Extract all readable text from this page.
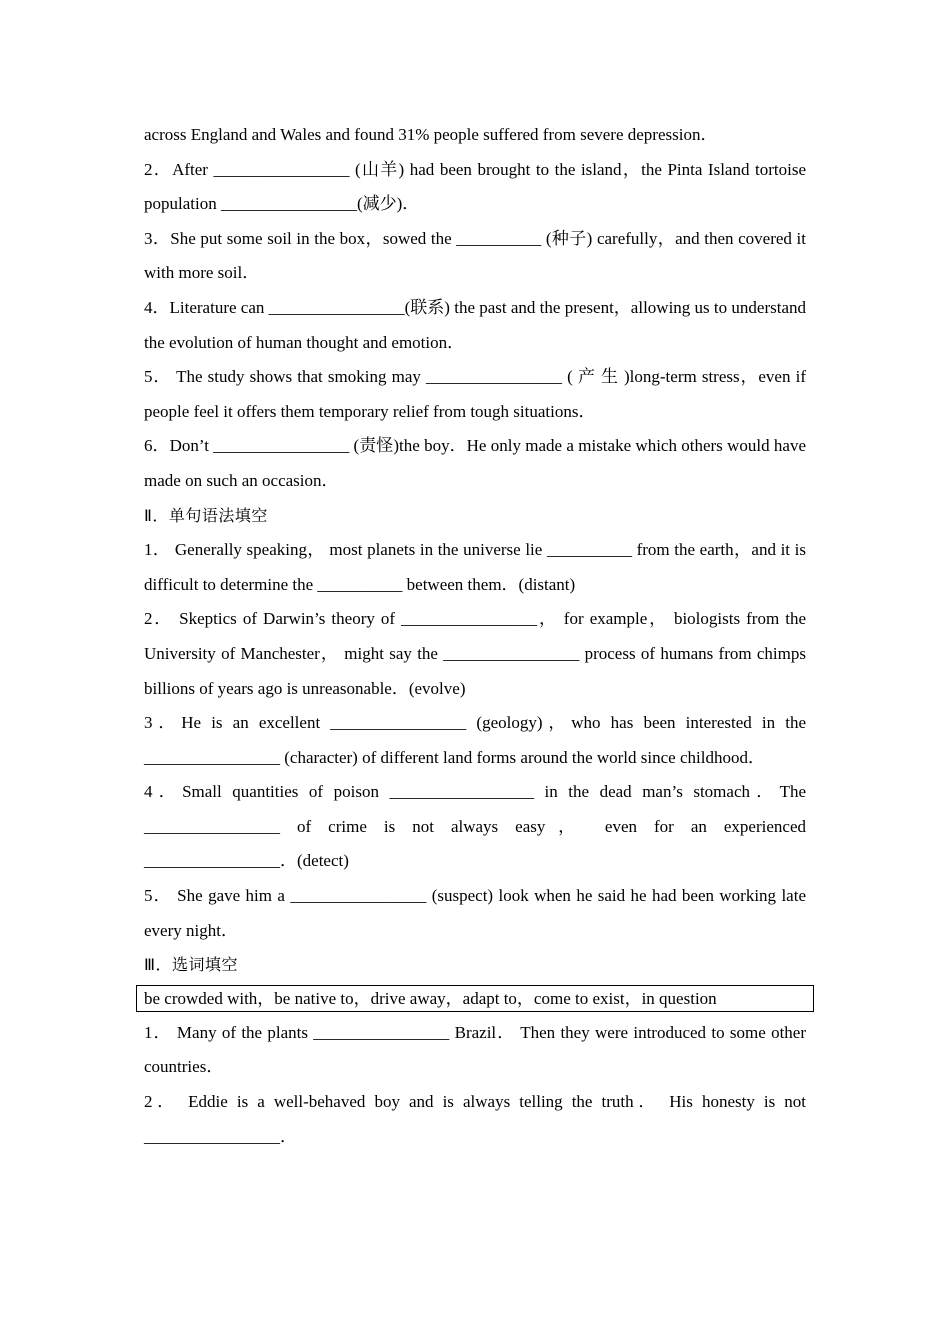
across England and Wales and found 31% people suffered from severe depression．

2．After ________________ (山羊) had been brought to the island，the Pinta Island tortoise population ________________(减少)．

3．She put some soil in the box，sowed the __________ (种子) carefully，and then covered it with more soil．

4．Literature can ________________(联系) the past and the present，allowing us to understand the evolution of human thought and emotion．

5． The study shows that smoking may ________________ ( 产 生 )long-term stress，even if people feel it offers them temporary relief from tough situations．

6．Don’t ________________ (责怪)the boy．He only made a mistake which others would have made on such an occasion．

Ⅱ．单句语法填空

1． Generally speaking， most planets in the universe lie __________ from the earth，and it is difficult to determine the __________ between them．(distant)

2． Skeptics of Darwin’s theory of ________________， for example， biologists from the University of Manchester， might say the ________________ process of humans from chimps billions of years ago is unreasonable．(evolve)

3．He is an excellent ________________ (geology)，who has been interested in the ________________ (character) of different land forms around the world since childhood．

4．Small quantities of poison _________________ in the dead man’s stomach．The ________________ of crime is not always easy， even for an experienced ________________．(detect)

5． She gave him a ________________ (suspect) look when he said he had been working late every night．

Ⅲ．选词填空

be crowded with，be native to，drive away，adapt to，come to exist，in question

1． Many of the plants ________________ Brazil． Then they were introduced to some other countries．

2． Eddie is a well-behaved boy and is always telling the truth． His honesty is not ________________．
